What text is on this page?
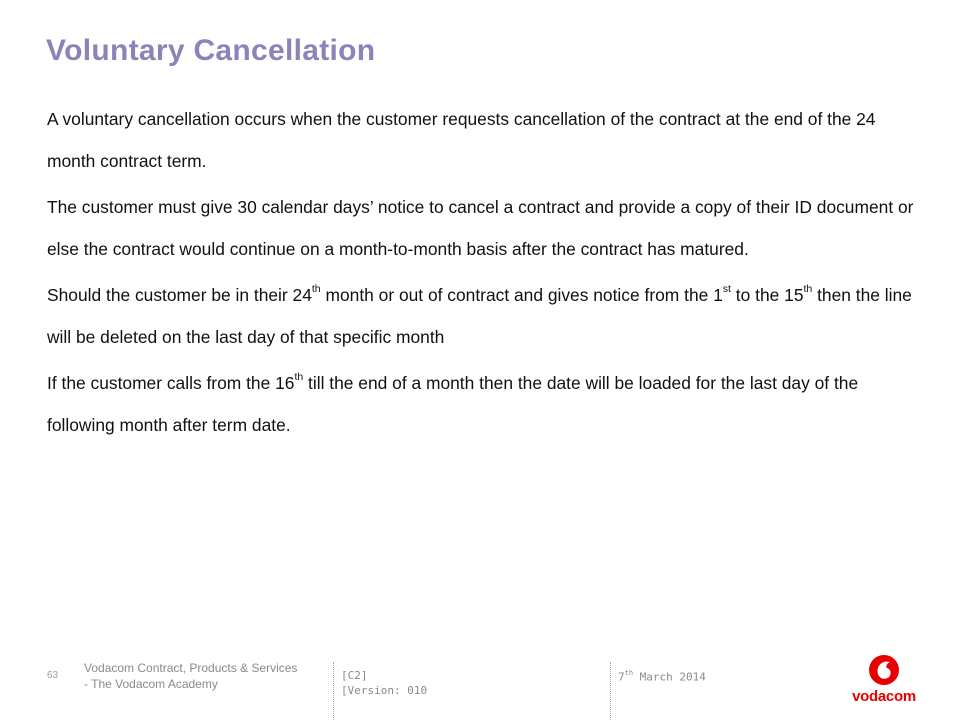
Voluntary Cancellation

A voluntary cancellation occurs when the customer requests cancellation of the contract at the end of the 24 month contract term.

The customer must give 30 calendar days’ notice to cancel a contract and provide a copy of their ID document or else the contract would continue on a month-to-month basis after the contract has matured.

Should the customer be in their 24th month or out of contract and gives notice from the 1st to the 15th then the line will be deleted on the last day of that specific month

If the customer calls from the 16th till the end of a month then the date will be loaded for the last day of the following month after term date.

63
Vodacom Contract, Products & Services - The Vodacom Academy
[C2]
[Version: 010
7th March 2014
vodacom
